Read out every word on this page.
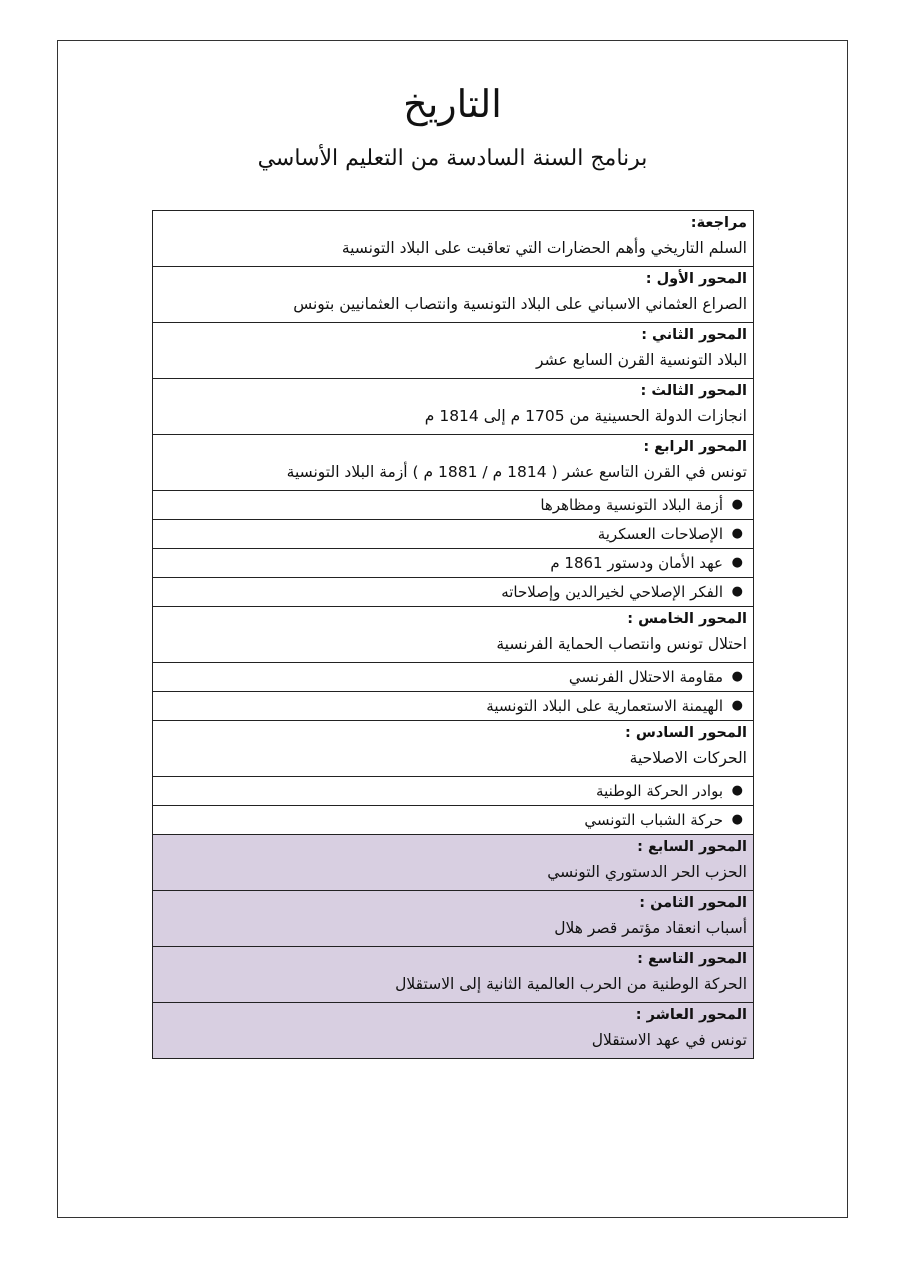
التاريخ

برنامج السنة السادسة من التعليم الأساسي

مراجعة:
السلم التاريخي وأهم الحضارات التي تعاقبت على البلاد التونسية

المحور الأول :
الصراع العثماني الاسباني على البلاد التونسية وانتصاب العثمانيين بتونس

المحور الثاني :
البلاد التونسية القرن السابع عشر

المحور الثالث :
انجازات الدولة الحسينية من 1705 م إلى 1814 م

المحور الرابع :
تونس في القرن التاسع عشر ( 1814 م / 1881 م ) أزمة البلاد التونسية

●
أزمة البلاد التونسية ومظاهرها

●
الإصلاحات العسكرية

●
عهد الأمان ودستور 1861 م

●
الفكر الإصلاحي لخيرالدين وإصلاحاته

المحور الخامس :
احتلال تونس وانتصاب الحماية الفرنسية

●
مقاومة الاحتلال الفرنسي

●
الهيمنة الاستعمارية على البلاد التونسية

المحور السادس :
الحركات الاصلاحية

●
بوادر الحركة الوطنية

●
حركة الشباب التونسي

المحور السابع :
الحزب الحر الدستوري التونسي

المحور الثامن :
أسباب انعقاد مؤتمر قصر هلال

المحور التاسع :
الحركة الوطنية من الحرب العالمية الثانية إلى الاستقلال

المحور العاشر :
تونس في عهد الاستقلال
